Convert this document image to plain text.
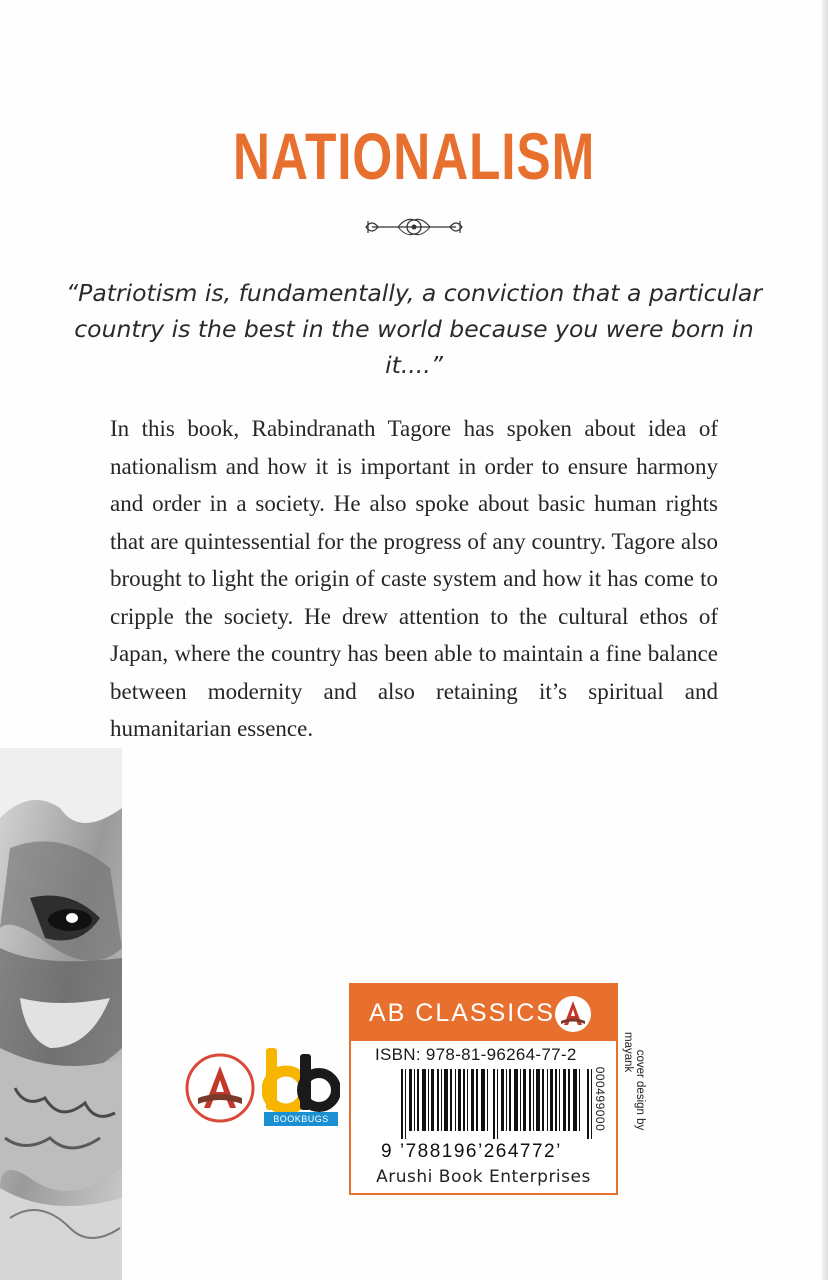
NATIONALISM

“Patriotism is, fundamentally, a conviction that a particular country is the best in the world because you were born in it....”

In this book, Rabindranath Tagore has spoken about idea of nationalism and how it is important in order to ensure harmony and order in a society. He also spoke about basic human rights that are quintessential for the progress of any country. Tagore also brought to light the origin of caste system and how it has come to cripple the society. He drew attention to the cultural ethos of Japan, where the country has been able to maintain a fine balance between modernity and also retaining it’s spiritual and humanitarian essence.

BOOKBUGS
AB CLASSICS
ISBN: 978-81-96264-77-2
9 ’788196’264772’
Arushi Book Enterprises
000499000 cover design by
mayank
